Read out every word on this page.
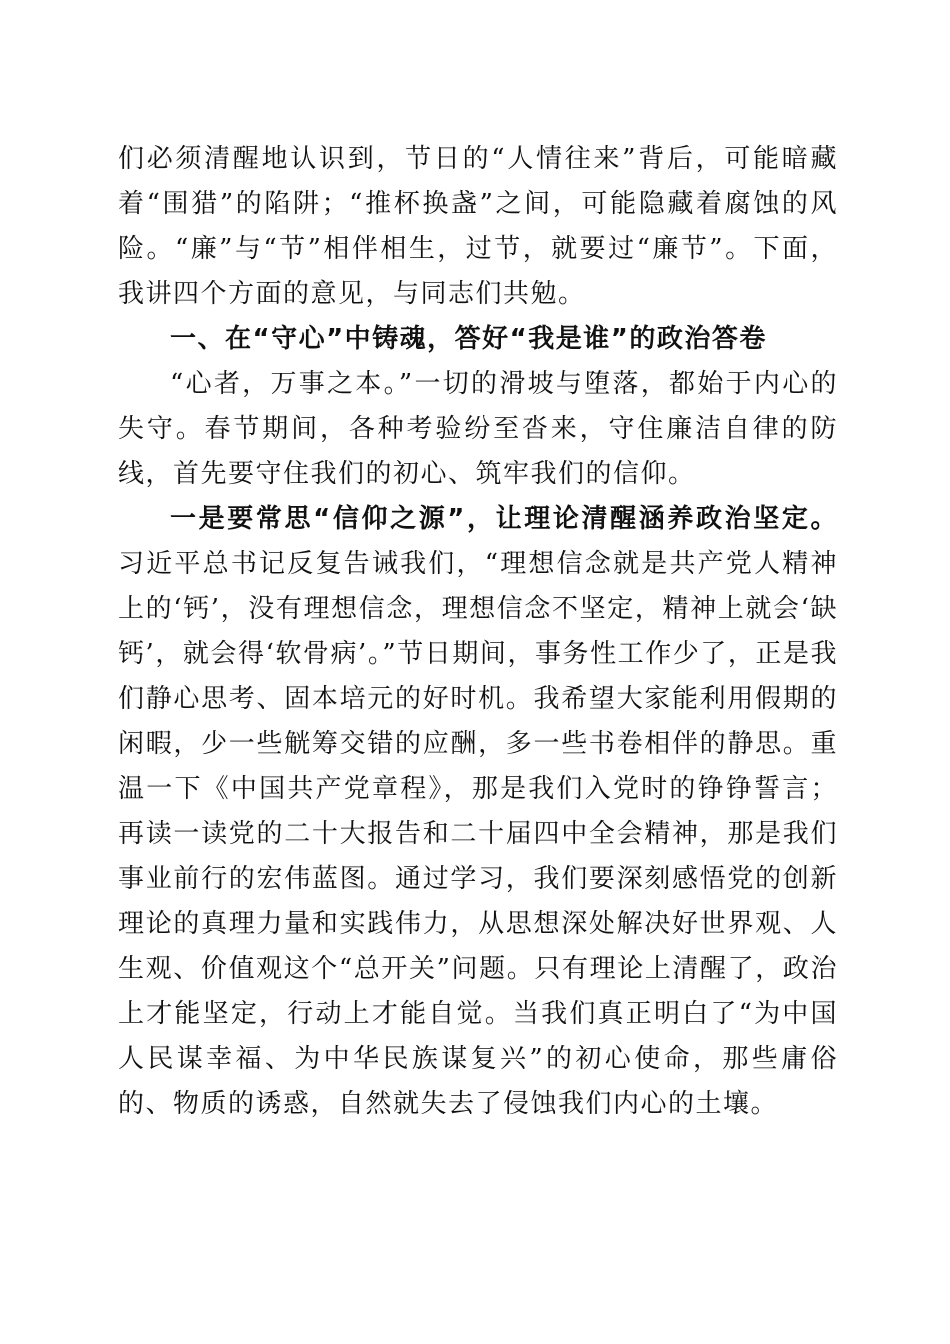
们必须清醒地认识到，节日的“人情往来”背后，可能暗藏着“围猎”的陷阱；“推杯换盏”之间，可能隐藏着腐蚀的风险。“廉”与“节”相伴相生，过节，就要过“廉节”。下面，我讲四个方面的意见，与同志们共勉。

一、在“守心”中铸魂，答好“我是谁”的政治答卷

“心者，万事之本。”一切的滑坡与堕落，都始于内心的失守。春节期间，各种考验纷至沓来，守住廉洁自律的防线，首先要守住我们的初心、筑牢我们的信仰。

一是要常思“信仰之源”，让理论清醒涵养政治坚定。习近平总书记反复告诫我们，“理想信念就是共产党人精神上的‘钙’，没有理想信念，理想信念不坚定，精神上就会‘缺钙’，就会得‘软骨病’。”节日期间，事务性工作少了，正是我们静心思考、固本培元的好时机。我希望大家能利用假期的闲暇，少一些觥筹交错的应酬，多一些书卷相伴的静思。重温一下《中国共产党章程》，那是我们入党时的铮铮誓言；再读一读党的二十大报告和二十届四中全会精神，那是我们事业前行的宏伟蓝图。通过学习，我们要深刻感悟党的创新理论的真理力量和实践伟力，从思想深处解决好世界观、人生观、价值观这个“总开关”问题。只有理论上清醒了，政治上才能坚定，行动上才能自觉。当我们真正明白了“为中国人民谋幸福、为中华民族谋复兴”的初心使命，那些庸俗的、物质的诱惑，自然就失去了侵蚀我们内心的土壤。
